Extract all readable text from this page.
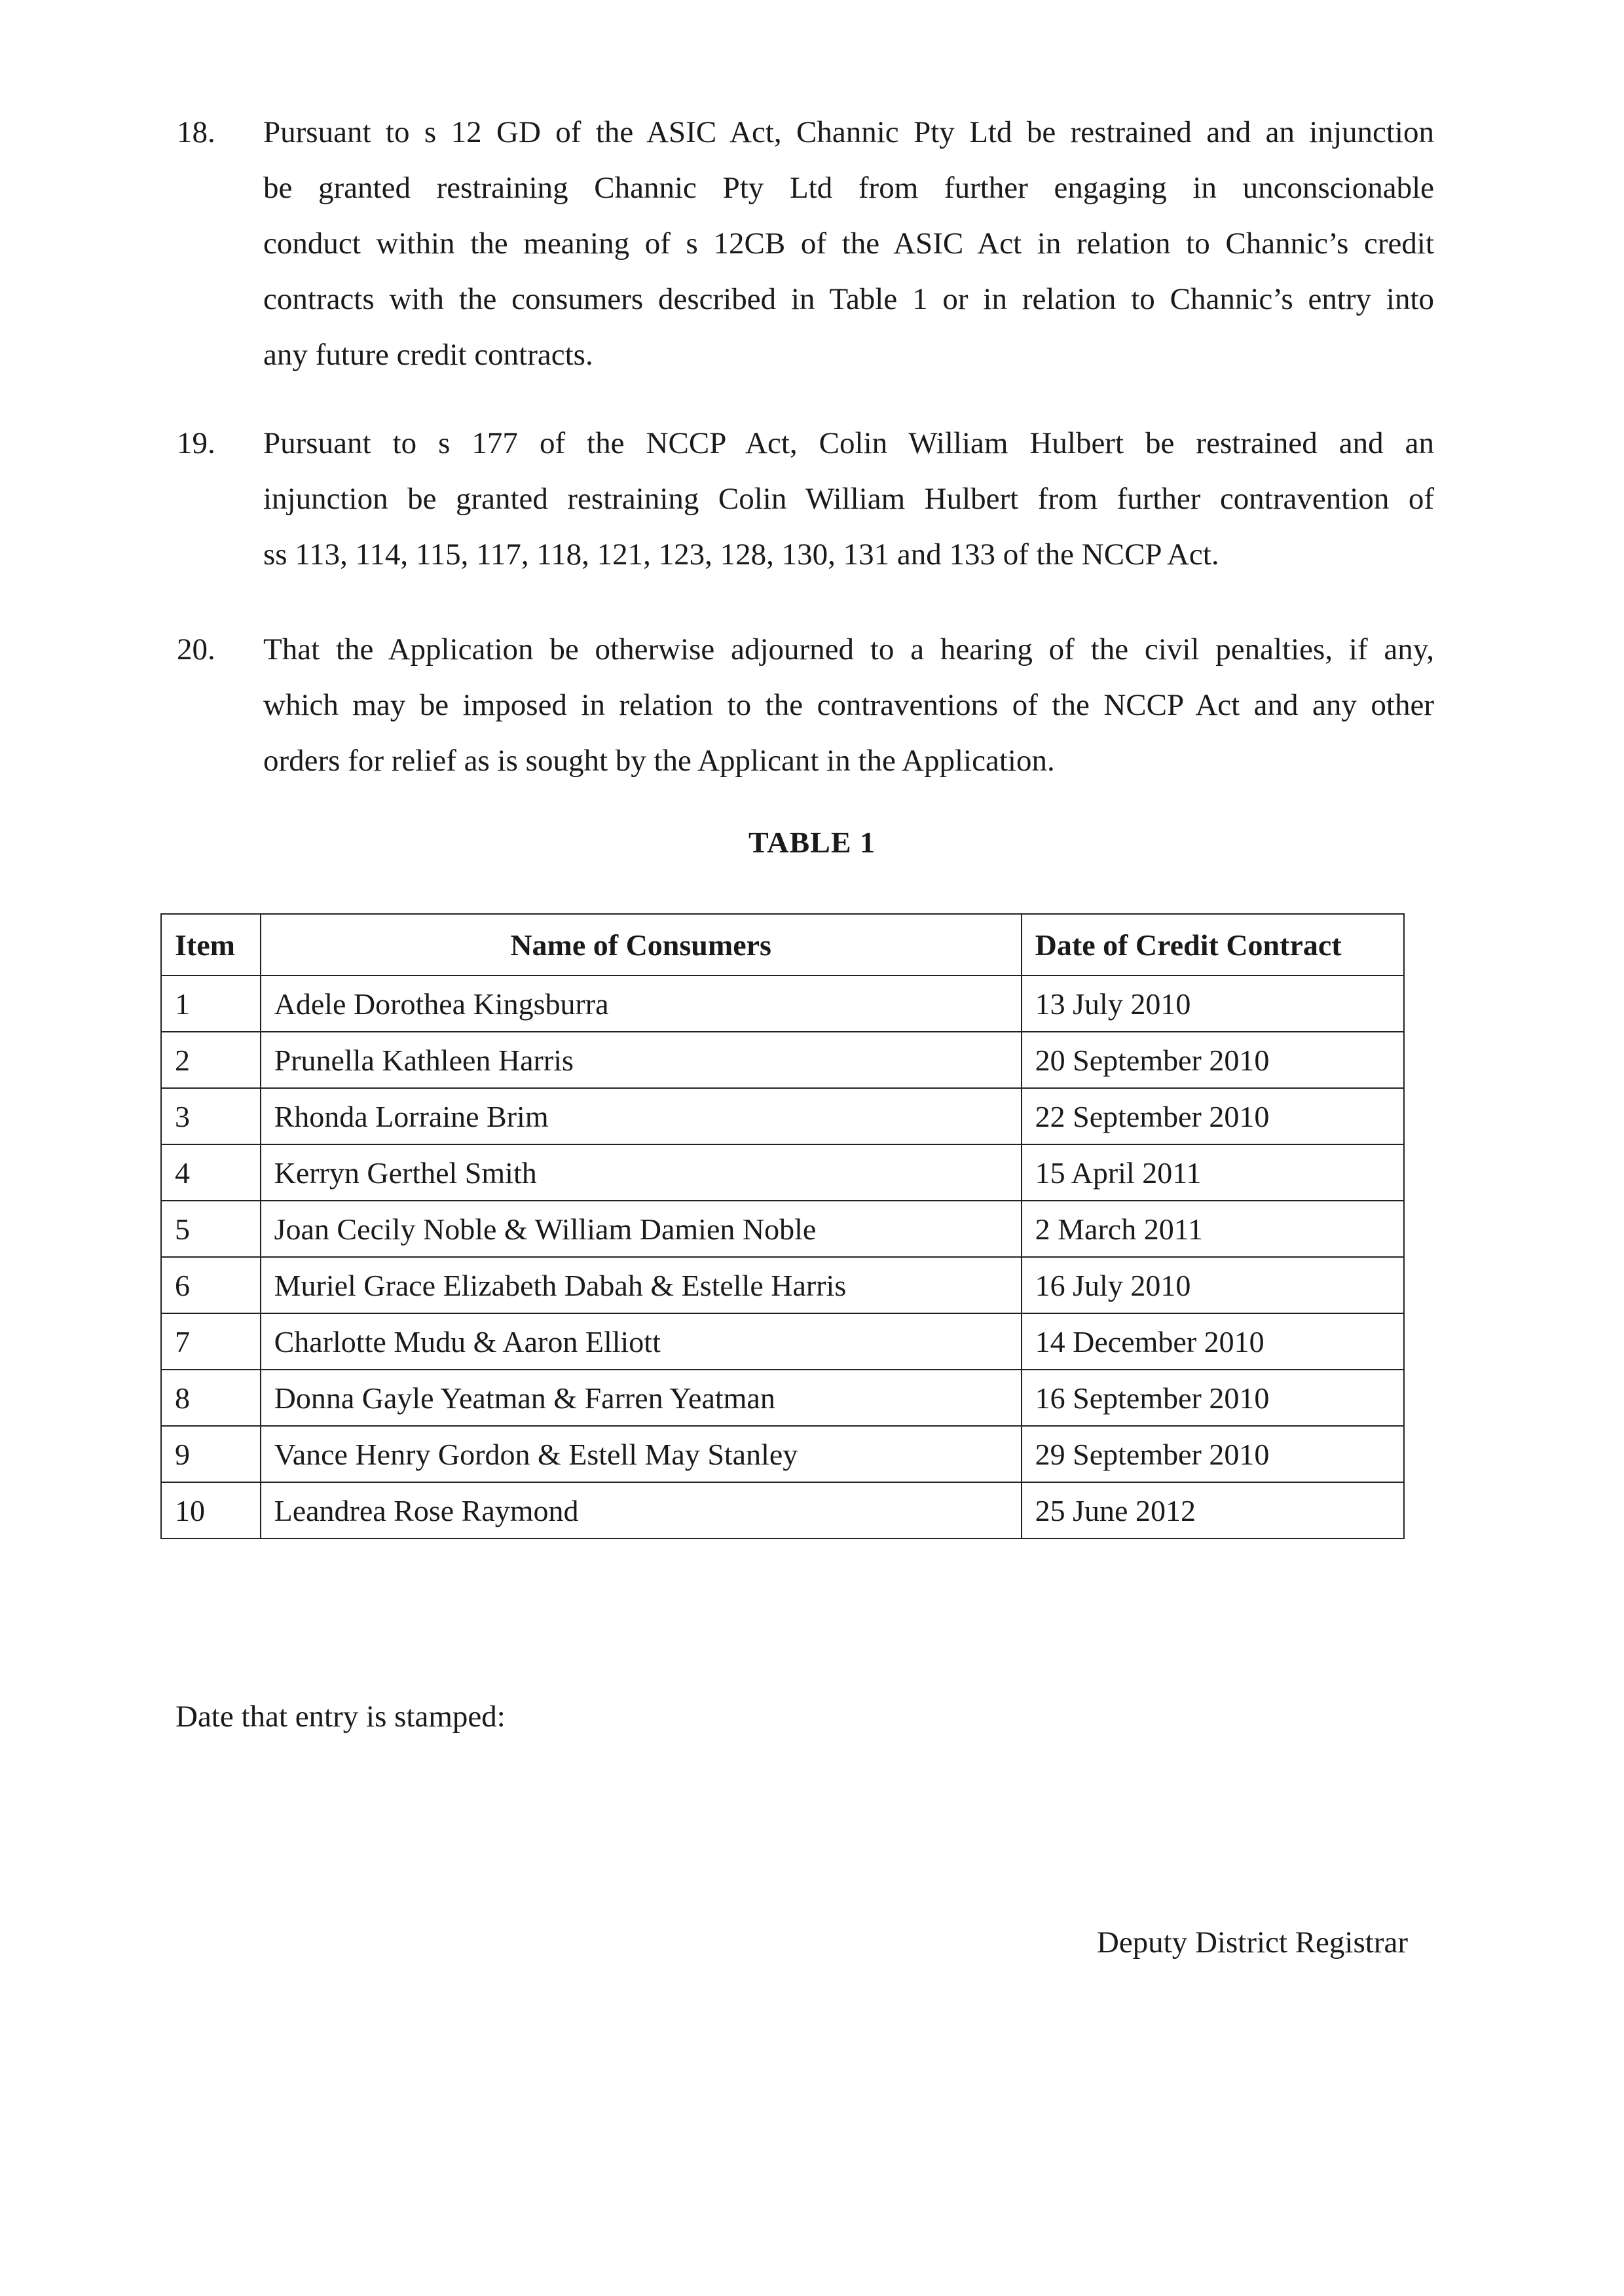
18. Pursuant to s 12 GD of the ASIC Act, Channic Pty Ltd be restrained and an injunction
be granted restraining Channic Pty Ltd from further engaging in unconscionable
conduct within the meaning of s 12CB of the ASIC Act in relation to Channic’s credit
contracts with the consumers described in Table 1 or in relation to Channic’s entry into
any future credit contracts.
19. Pursuant to s 177 of the NCCP Act, Colin William Hulbert be restrained and an
injunction be granted restraining Colin William Hulbert from further contravention of
ss 113, 114, 115, 117, 118, 121, 123, 128, 130, 131 and 133 of the NCCP Act.
20. That the Application be otherwise adjourned to a hearing of the civil penalties, if any,
which may be imposed in relation to the contraventions of the NCCP Act and any other
orders for relief as is sought by the Applicant in the Application.
TABLE 1
Item	Name of Consumers	Date of Credit Contract
1	Adele Dorothea Kingsburra	13 July 2010
2	Prunella Kathleen Harris	20 September 2010
3	Rhonda Lorraine Brim	22 September 2010
4	Kerryn Gerthel Smith	15 April 2011
5	Joan Cecily Noble & William Damien Noble	2 March 2011
6	Muriel Grace Elizabeth Dabah & Estelle Harris	16 July 2010
7	Charlotte Mudu & Aaron Elliott	14 December 2010
8	Donna Gayle Yeatman & Farren Yeatman	16 September 2010
9	Vance Henry Gordon & Estell May Stanley	29 September 2010
10	Leandrea Rose Raymond	25 June 2012
Date that entry is stamped:
Deputy District Registrar
